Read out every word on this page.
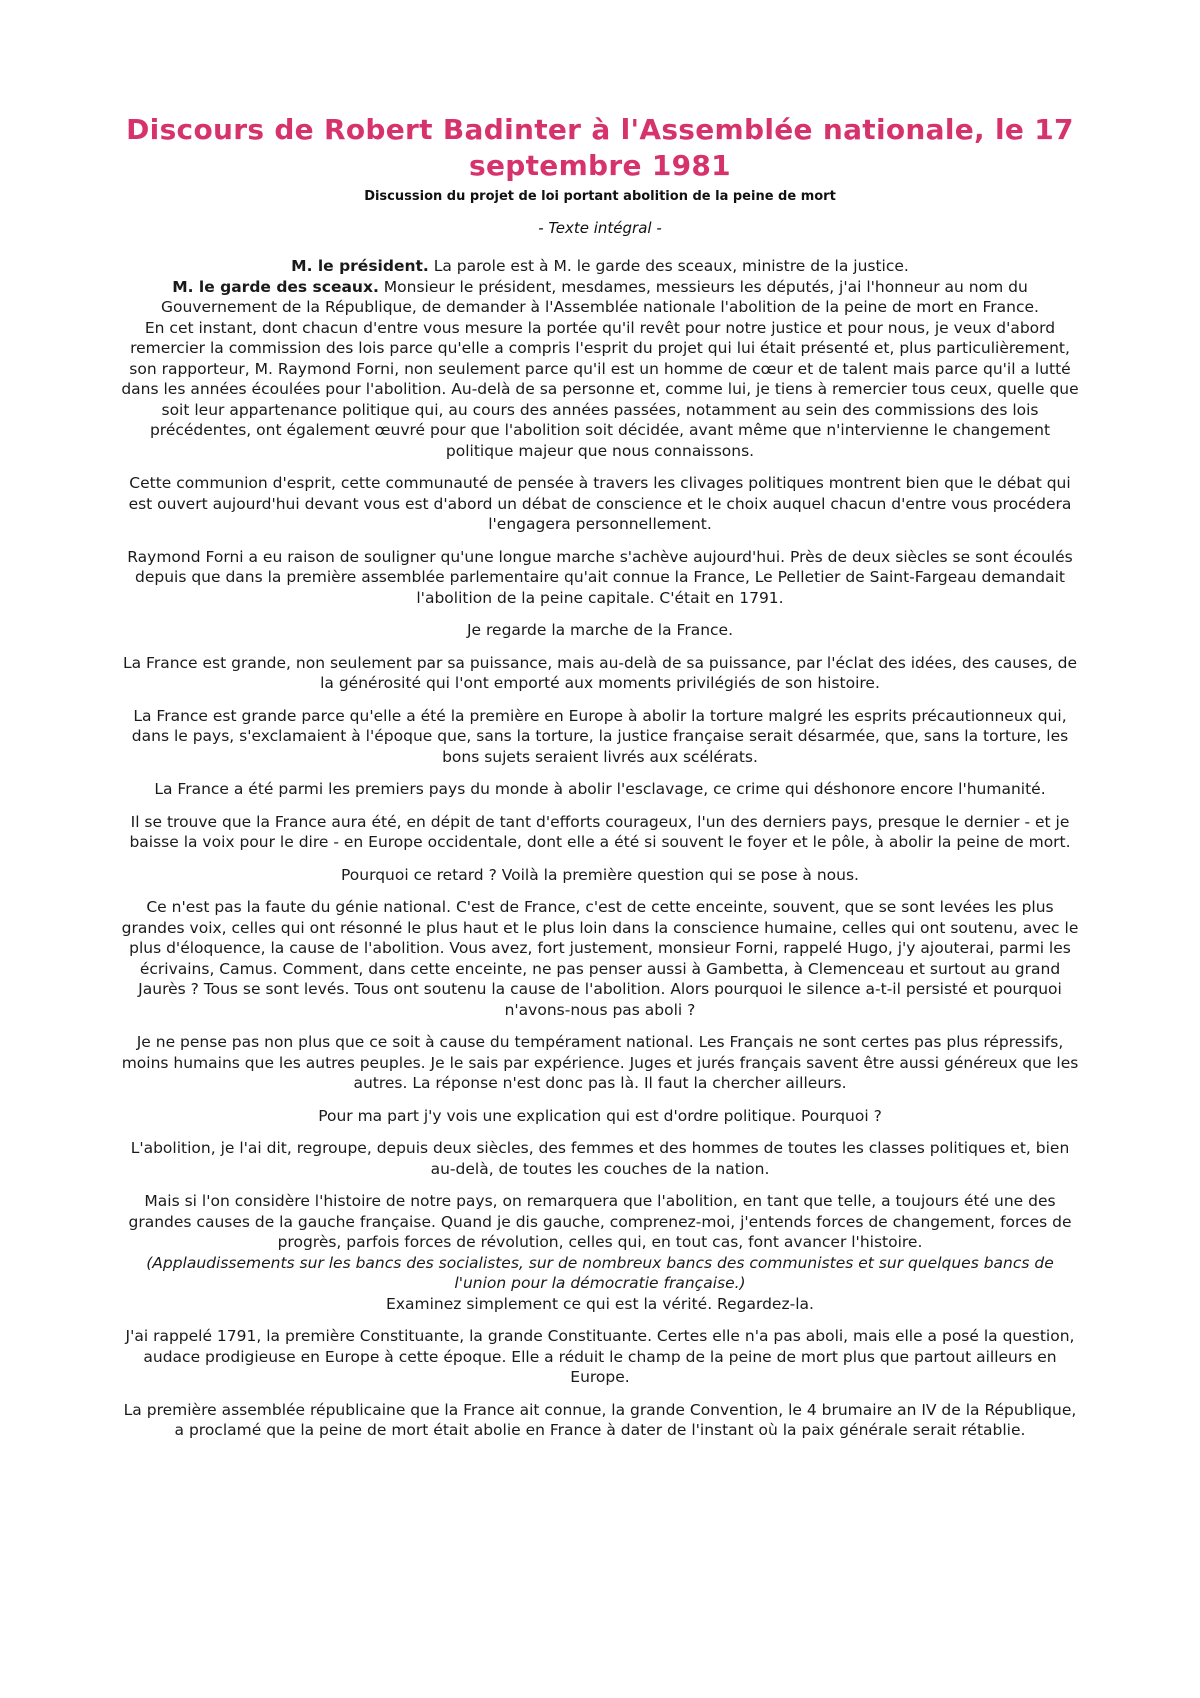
Discours de Robert Badinter à l'Assemblée nationale, le 17 septembre 1981
Discussion du projet de loi portant abolition de la peine de mort
- Texte intégral -
M. le président. La parole est à M. le garde des sceaux, ministre de la justice.
M. le garde des sceaux. Monsieur le président, mesdames, messieurs les députés, j'ai l'honneur au nom du Gouvernement de la République, de demander à l'Assemblée nationale l'abolition de la peine de mort en France.
En cet instant, dont chacun d'entre vous mesure la portée qu'il revêt pour notre justice et pour nous, je veux d'abord remercier la commission des lois parce qu'elle a compris l'esprit du projet qui lui était présenté et, plus particulièrement, son rapporteur, M. Raymond Forni, non seulement parce qu'il est un homme de cœur et de talent mais parce qu'il a lutté dans les années écoulées pour l'abolition. Au-delà de sa personne et, comme lui, je tiens à remercier tous ceux, quelle que soit leur appartenance politique qui, au cours des années passées, notamment au sein des commissions des lois précédentes, ont également œuvré pour que l'abolition soit décidée, avant même que n'intervienne le changement politique majeur que nous connaissons.

Cette communion d'esprit, cette communauté de pensée à travers les clivages politiques montrent bien que le débat qui est ouvert aujourd'hui devant vous est d'abord un débat de conscience et le choix auquel chacun d'entre vous procédera l'engagera personnellement.

Raymond Forni a eu raison de souligner qu'une longue marche s'achève aujourd'hui. Près de deux siècles se sont écoulés depuis que dans la première assemblée parlementaire qu'ait connue la France, Le Pelletier de Saint-Fargeau demandait l'abolition de la peine capitale. C'était en 1791.

Je regarde la marche de la France.

La France est grande, non seulement par sa puissance, mais au-delà de sa puissance, par l'éclat des idées, des causes, de la générosité qui l'ont emporté aux moments privilégiés de son histoire.

La France est grande parce qu'elle a été la première en Europe à abolir la torture malgré les esprits précautionneux qui, dans le pays, s'exclamaient à l'époque que, sans la torture, la justice française serait désarmée, que, sans la torture, les bons sujets seraient livrés aux scélérats.

La France a été parmi les premiers pays du monde à abolir l'esclavage, ce crime qui déshonore encore l'humanité.

Il se trouve que la France aura été, en dépit de tant d'efforts courageux, l'un des derniers pays, presque le dernier - et je baisse la voix pour le dire - en Europe occidentale, dont elle a été si souvent le foyer et le pôle, à abolir la peine de mort.

Pourquoi ce retard ? Voilà la première question qui se pose à nous.

Ce n'est pas la faute du génie national. C'est de France, c'est de cette enceinte, souvent, que se sont levées les plus grandes voix, celles qui ont résonné le plus haut et le plus loin dans la conscience humaine, celles qui ont soutenu, avec le plus d'éloquence, la cause de l'abolition. Vous avez, fort justement, monsieur Forni, rappelé Hugo, j'y ajouterai, parmi les écrivains, Camus. Comment, dans cette enceinte, ne pas penser aussi à Gambetta, à Clemenceau et surtout au grand Jaurès ? Tous se sont levés. Tous ont soutenu la cause de l'abolition. Alors pourquoi le silence a-t-il persisté et pourquoi n'avons-nous pas aboli ?

Je ne pense pas non plus que ce soit à cause du tempérament national. Les Français ne sont certes pas plus répressifs, moins humains que les autres peuples. Je le sais par expérience. Juges et jurés français savent être aussi généreux que les autres. La réponse n'est donc pas là. Il faut la chercher ailleurs.

Pour ma part j'y vois une explication qui est d'ordre politique. Pourquoi ?

L'abolition, je l'ai dit, regroupe, depuis deux siècles, des femmes et des hommes de toutes les classes politiques et, bien au-delà, de toutes les couches de la nation.

Mais si l'on considère l'histoire de notre pays, on remarquera que l'abolition, en tant que telle, a toujours été une des grandes causes de la gauche française. Quand je dis gauche, comprenez-moi, j'entends forces de changement, forces de progrès, parfois forces de révolution, celles qui, en tout cas, font avancer l'histoire.
(Applaudissements sur les bancs des socialistes, sur de nombreux bancs des communistes et sur quelques bancs de l'union pour la démocratie française.)
Examinez simplement ce qui est la vérité. Regardez-la.

J'ai rappelé 1791, la première Constituante, la grande Constituante. Certes elle n'a pas aboli, mais elle a posé la question, audace prodigieuse en Europe à cette époque. Elle a réduit le champ de la peine de mort plus que partout ailleurs en Europe.

La première assemblée républicaine que la France ait connue, la grande Convention, le 4 brumaire an IV de la République, a proclamé que la peine de mort était abolie en France à dater de l'instant où la paix générale serait rétablie.
